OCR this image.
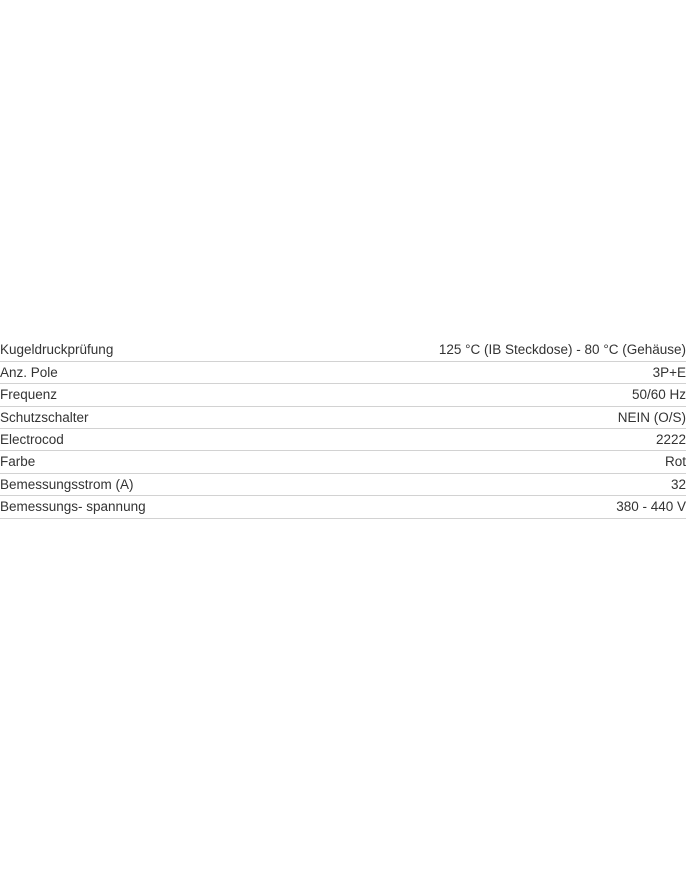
Kugeldruckprüfung	125 °C (IB Steckdose) - 80 °C (Gehäuse)
Anz. Pole	3P+E
Frequenz	50/60 Hz
Schutzschalter	NEIN (O/S)
Electrocod	2222
Farbe	Rot
Bemessungsstrom (A)	32
Bemessungs- spannung	380 - 440 V
